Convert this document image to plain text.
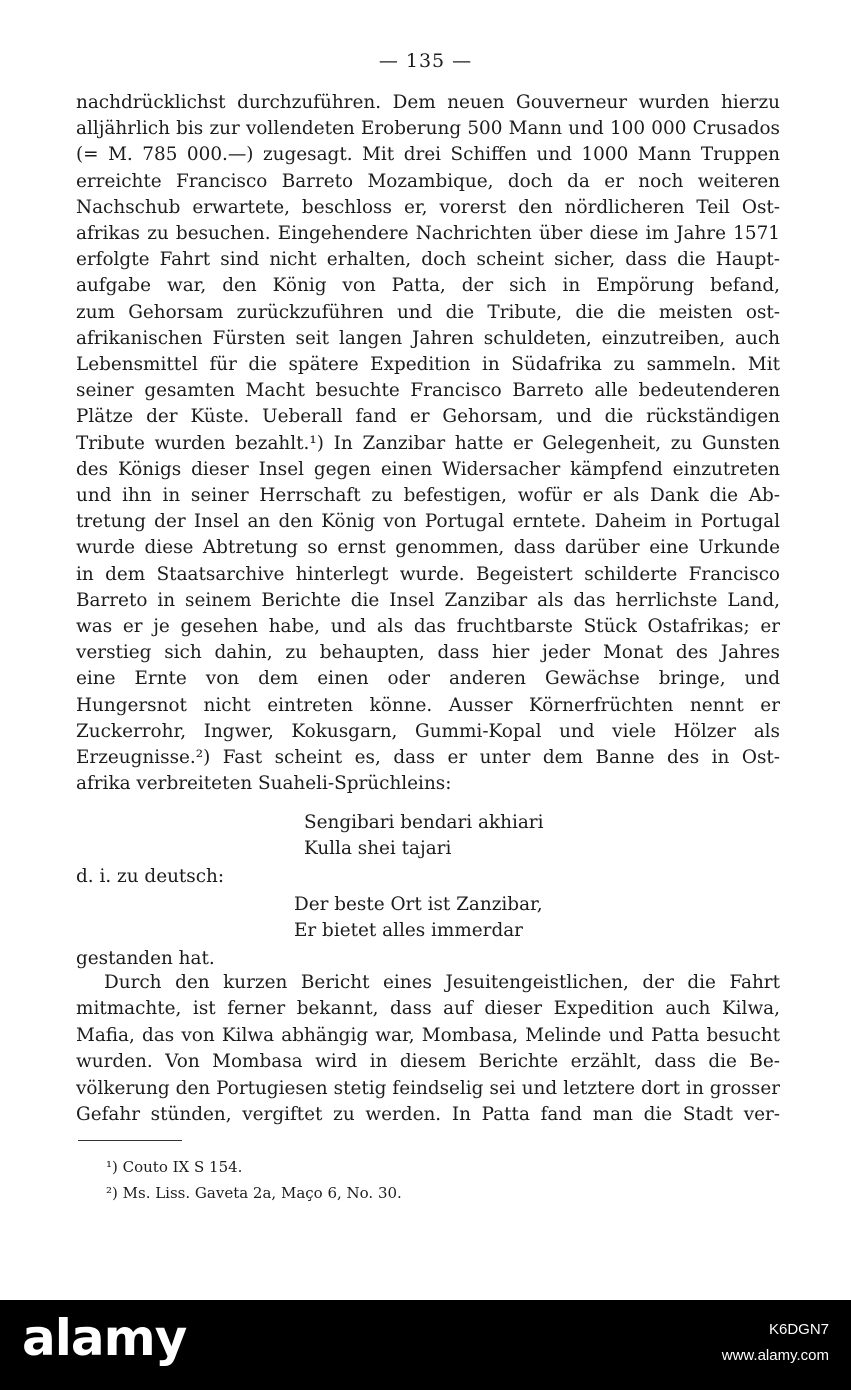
— 135 —
nachdrücklichst durchzuführen. Dem neuen Gouverneur wurden hierzu
alljährlich bis zur vollendeten Eroberung 500 Mann und 100 000 Crusados
(= M. 785 000.—) zugesagt. Mit drei Schiffen und 1000 Mann Truppen
erreichte Francisco Barreto Mozambique, doch da er noch weiteren
Nachschub erwartete, beschloss er, vorerst den nördlicheren Teil Ost-
afrikas zu besuchen. Eingehendere Nachrichten über diese im Jahre 1571
erfolgte Fahrt sind nicht erhalten, doch scheint sicher, dass die Haupt-
aufgabe war, den König von Patta, der sich in Empörung befand,
zum Gehorsam zurückzuführen und die Tribute, die die meisten ost-
afrikanischen Fürsten seit langen Jahren schuldeten, einzutreiben, auch
Lebensmittel für die spätere Expedition in Südafrika zu sammeln. Mit
seiner gesamten Macht besuchte Francisco Barreto alle bedeutenderen
Plätze der Küste. Ueberall fand er Gehorsam, und die rückständigen
Tribute wurden bezahlt.¹) In Zanzibar hatte er Gelegenheit, zu Gunsten
des Königs dieser Insel gegen einen Widersacher kämpfend einzutreten
und ihn in seiner Herrschaft zu befestigen, wofür er als Dank die Ab-
tretung der Insel an den König von Portugal erntete. Daheim in Portugal
wurde diese Abtretung so ernst genommen, dass darüber eine Urkunde
in dem Staatsarchive hinterlegt wurde. Begeistert schilderte Francisco
Barreto in seinem Berichte die Insel Zanzibar als das herrlichste Land,
was er je gesehen habe, und als das fruchtbarste Stück Ostafrikas; er
verstieg sich dahin, zu behaupten, dass hier jeder Monat des Jahres
eine Ernte von dem einen oder anderen Gewächse bringe, und
Hungersnot nicht eintreten könne. Ausser Körnerfrüchten nennt er
Zuckerrohr, Ingwer, Kokusgarn, Gummi-Kopal und viele Hölzer als
Erzeugnisse.²) Fast scheint es, dass er unter dem Banne des in Ost-
afrika verbreiteten Suaheli-Sprüchleins:
Sengibari bendari akhiari
Kulla shei tajari
d. i. zu deutsch:
Der beste Ort ist Zanzibar,
Er bietet alles immerdar
gestanden hat.
Durch den kurzen Bericht eines Jesuitengeistlichen, der die Fahrt
mitmachte, ist ferner bekannt, dass auf dieser Expedition auch Kilwa,
Mafia, das von Kilwa abhängig war, Mombasa, Melinde und Patta besucht
wurden. Von Mombasa wird in diesem Berichte erzählt, dass die Be-
völkerung den Portugiesen stetig feindselig sei und letztere dort in grosser
Gefahr stünden, vergiftet zu werden. In Patta fand man die Stadt ver-
¹) Couto IX S 154.
²) Ms. Liss. Gaveta 2a, Maço 6, No. 30.
alamy	K6DGN7
www.alamy.com
